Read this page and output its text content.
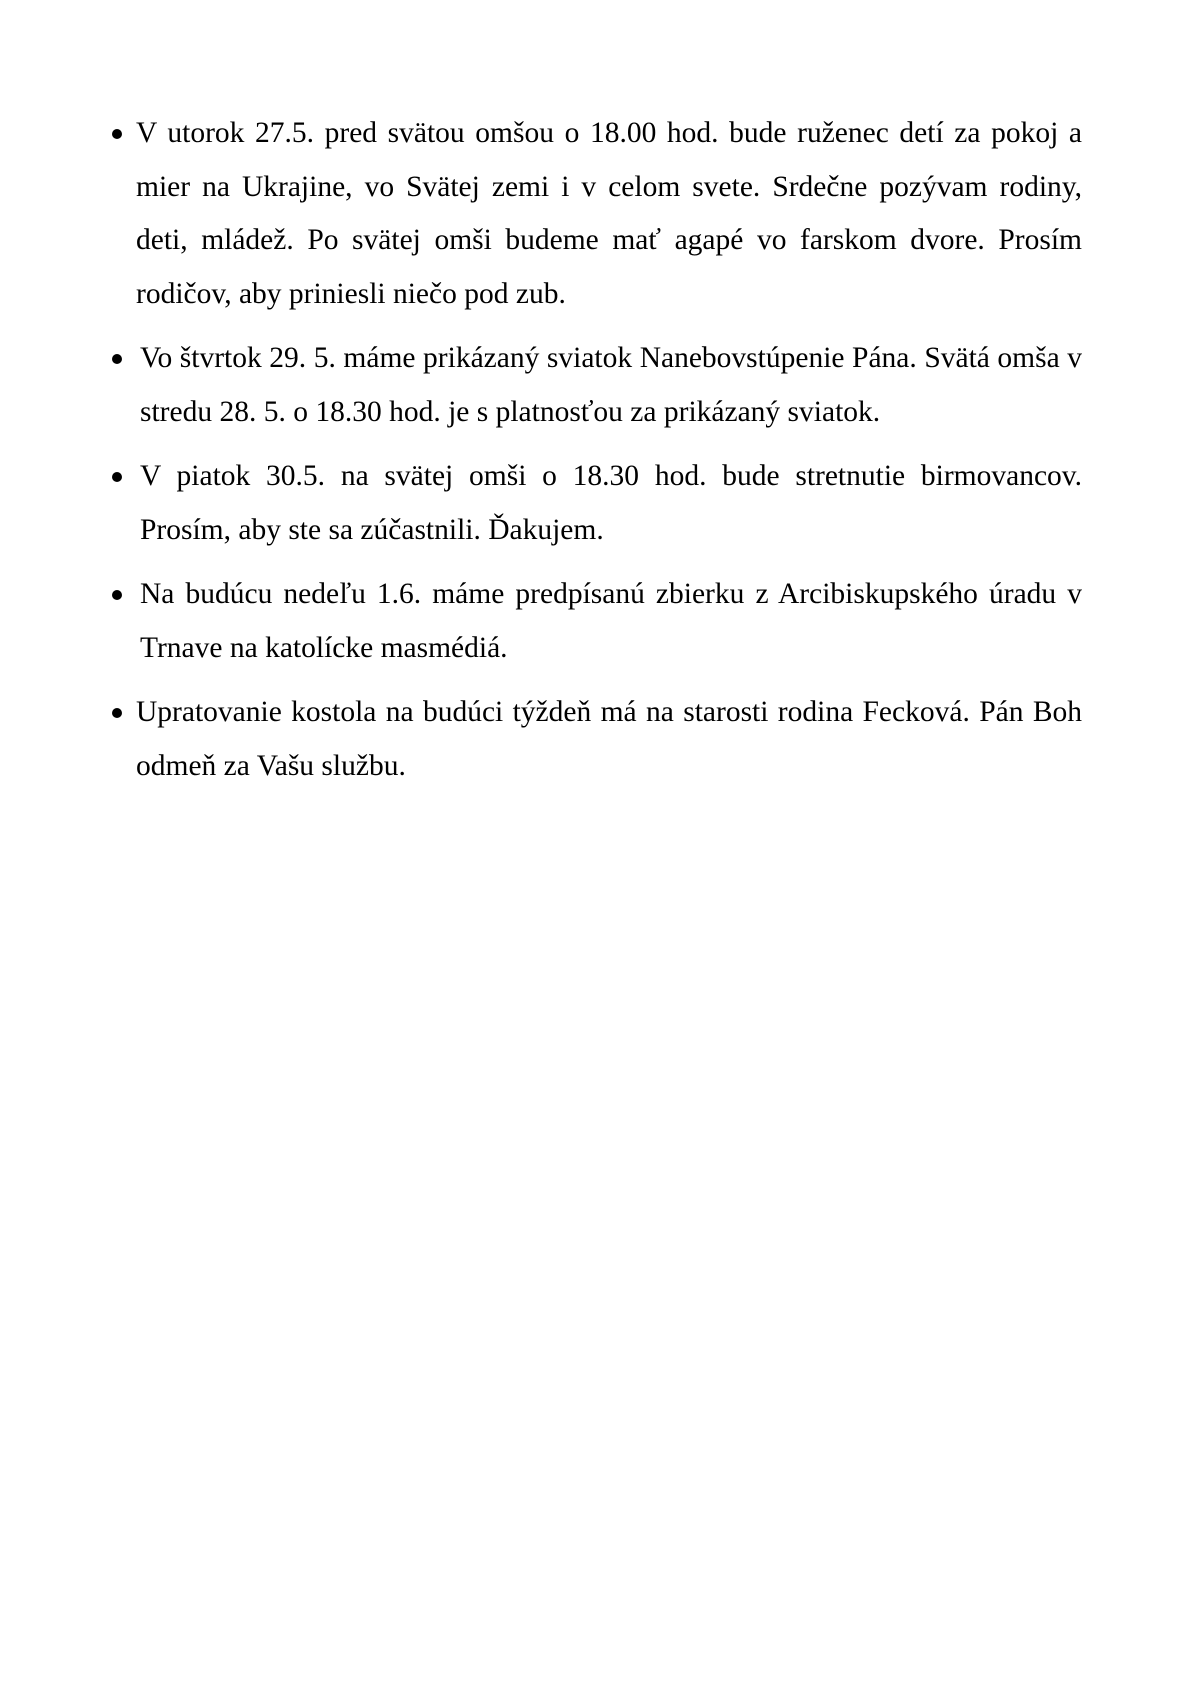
V utorok 27.5. pred svätou omšou o 18.00 hod. bude ruženec detí za pokoj a mier na Ukrajine, vo Svätej zemi i v celom svete. Srdečne pozývam rodiny, deti, mládež. Po svätej omši budeme mať agapé vo farskom dvore. Prosím rodičov, aby priniesli niečo pod zub.
Vo štvrtok 29. 5. máme prikázaný sviatok Nanebovstúpenie Pána. Svätá omša v stredu 28. 5. o 18.30 hod. je s platnosťou za prikázaný sviatok.
V piatok 30.5. na svätej omši o 18.30 hod. bude stretnutie birmovancov. Prosím, aby ste sa zúčastnili. Ďakujem.
Na budúcu nedeľu 1.6. máme predpísanú zbierku z Arcibiskupského úradu v Trnave na katolícke masmédiá.
Upratovanie kostola na budúci týždeň má na starosti rodina Fecková. Pán Boh odmeň za Vašu službu.
